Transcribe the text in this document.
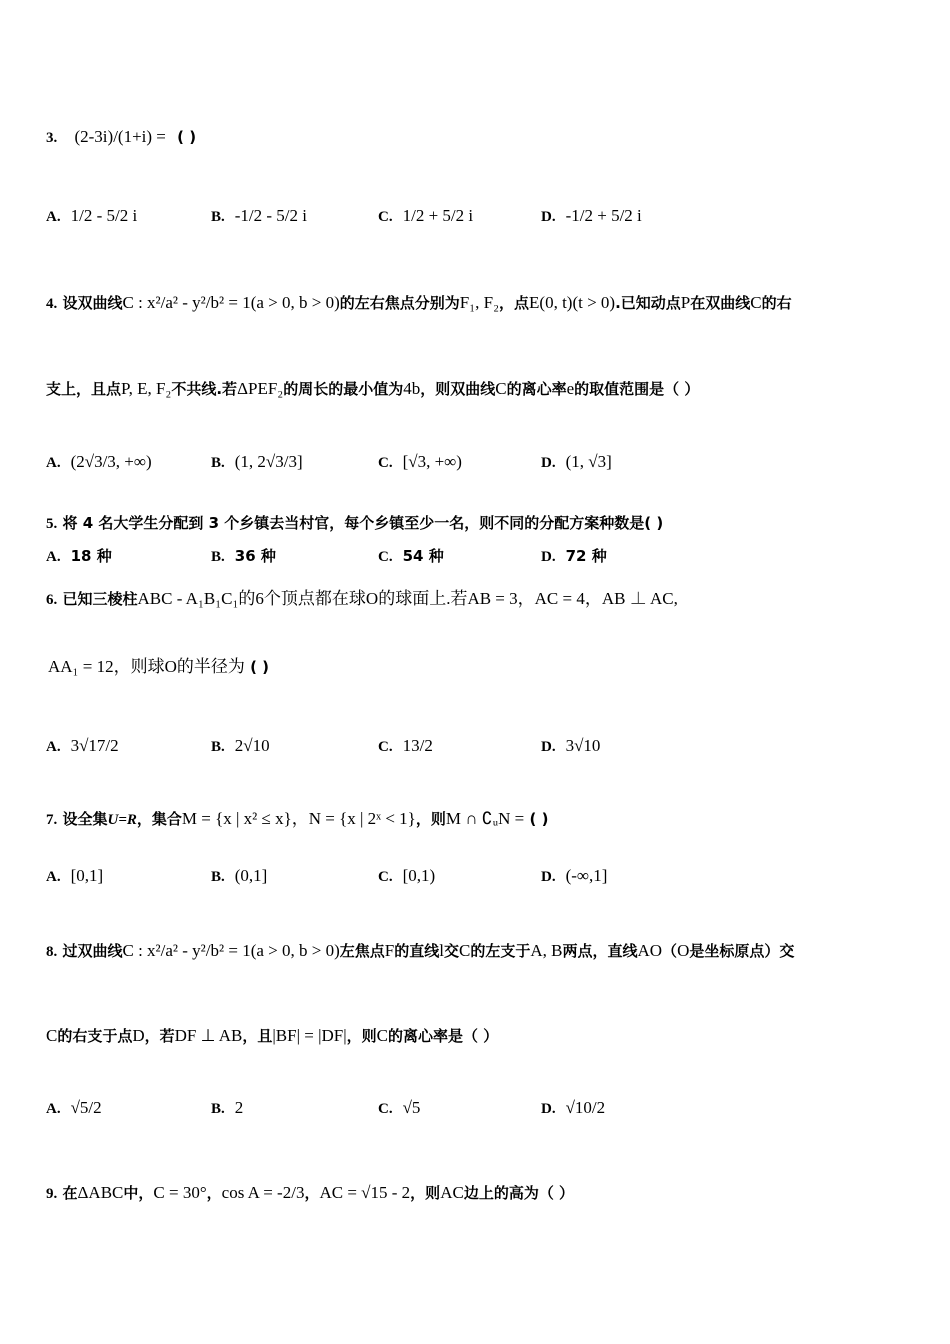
3. (2-3i)/(1+i) = ( )
A. 1/2 - 5/2 i	B. -1/2 - 5/2 i	C. 1/2 + 5/2 i	D. -1/2 + 5/2 i
4. 设双曲线C : x²/a² - y²/b² = 1(a > 0, b > 0)的左右焦点分别为F₁, F₂，点E(0, t)(t > 0).已知动点P在双曲线C的右
支上，且点P, E, F₂不共线.若ΔPEF₂的周长的最小值为4b，则双曲线C的离心率e的取值范围是（ ）
A. (2√3/3, +∞)	B. (1, 2√3/3]	C. [√3, +∞)	D. (1, √3]
5. 将 4 名大学生分配到 3 个乡镇去当村官，每个乡镇至少一名，则不同的分配方案种数是( )
A. 18 种	B. 36 种	C. 54 种	D. 72 种
6. 已知三棱柱ABC - A₁B₁C₁的6个顶点都在球O的球面上.若AB = 3，AC = 4，AB ⊥ AC,
AA₁ = 12，则球O的半径为 ( )
A. 3√17/2	B. 2√10	C. 13/2	D. 3√10
7. 设全集U=R，集合M = {x | x² ≤ x}，N = {x | 2ˣ < 1}，则M ∩ ∁ᵤN = ( )
A. [0,1]	B. (0,1]	C. [0,1)	D. (-∞,1]
8. 过双曲线C : x²/a² - y²/b² = 1(a > 0, b > 0)左焦点F的直线l交C的左支于A, B两点，直线AO（O是坐标原点）交
C的右支于点D，若DF ⊥ AB，且|BF| = |DF|，则C的离心率是（ ）
A. √5/2	B. 2	C. √5	D. √10/2
9. 在ΔABC中，C = 30°，cos A = -2/3，AC = √15 - 2，则AC边上的高为（ ）
